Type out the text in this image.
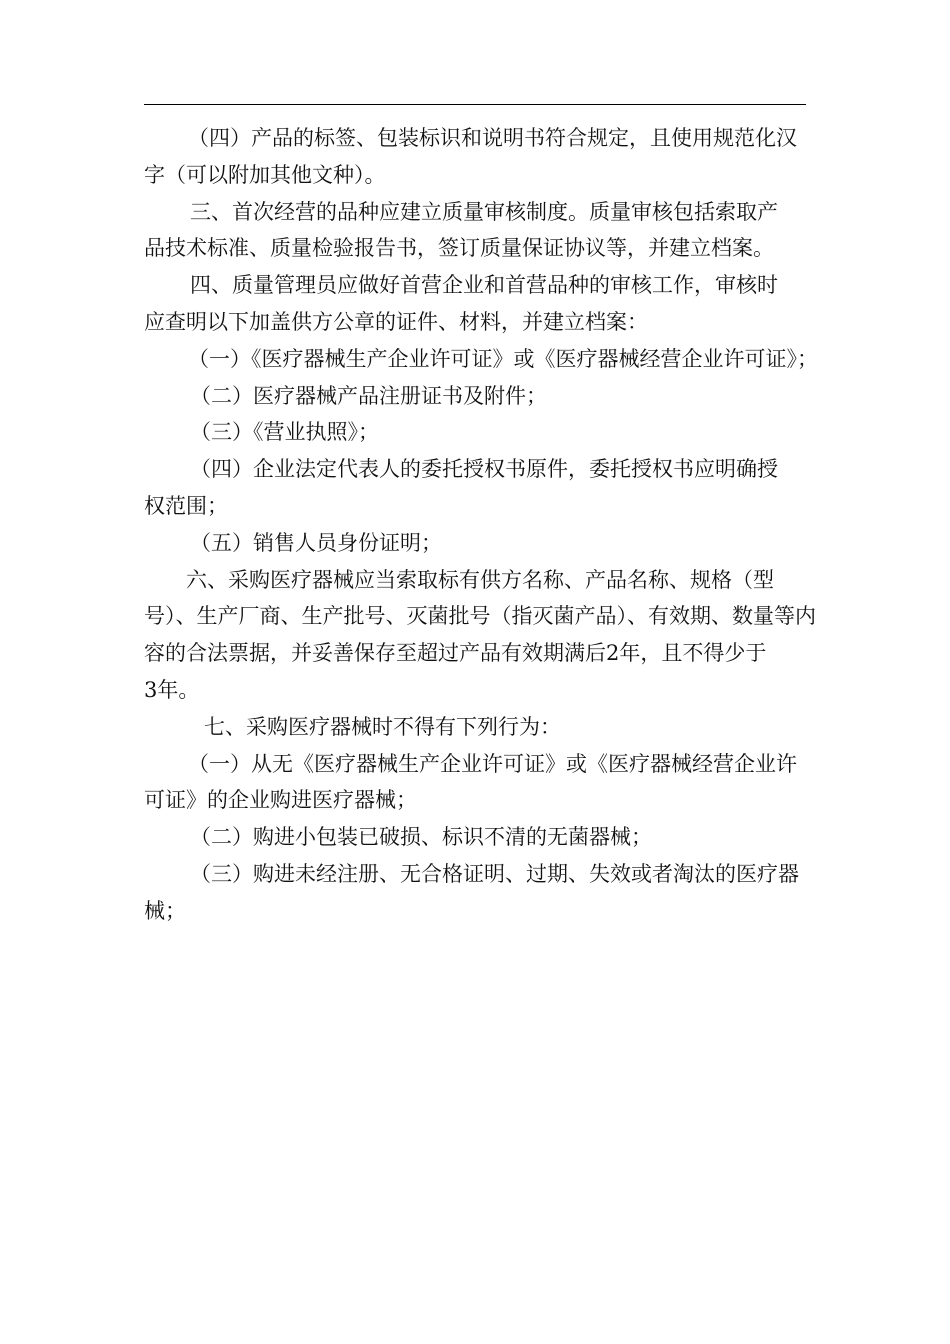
（四）产品的标签、包装标识和说明书符合规定，且使用规范化汉
字（可以附加其他文种）。

三、首次经营的品种应建立质量审核制度。质量审核包括索取产
品技术标准、质量检验报告书，签订质量保证协议等，并建立档案。

四、质量管理员应做好首营企业和首营品种的审核工作，审核时
应查明以下加盖供方公章的证件、材料，并建立档案：

（一）《医疗器械生产企业许可证》或《医疗器械经营企业许可证》；

（二）医疗器械产品注册证书及附件；

（三）《营业执照》；

（四）企业法定代表人的委托授权书原件，委托授权书应明确授
权范围；

（五）销售人员身份证明；

六、采购医疗器械应当索取标有供方名称、产品名称、规格（型
号）、生产厂商、生产批号、灭菌批号（指灭菌产品）、有效期、数量等内
容的合法票据，并妥善保存至超过产品有效期满后2年，且不得少于
3年。

七、采购医疗器械时不得有下列行为：

（一）从无《医疗器械生产企业许可证》或《医疗器械经营企业许
可证》的企业购进医疗器械；

（二）购进小包装已破损、标识不清的无菌器械；

（三）购进未经注册、无合格证明、过期、失效或者淘汰的医疗器
械；
